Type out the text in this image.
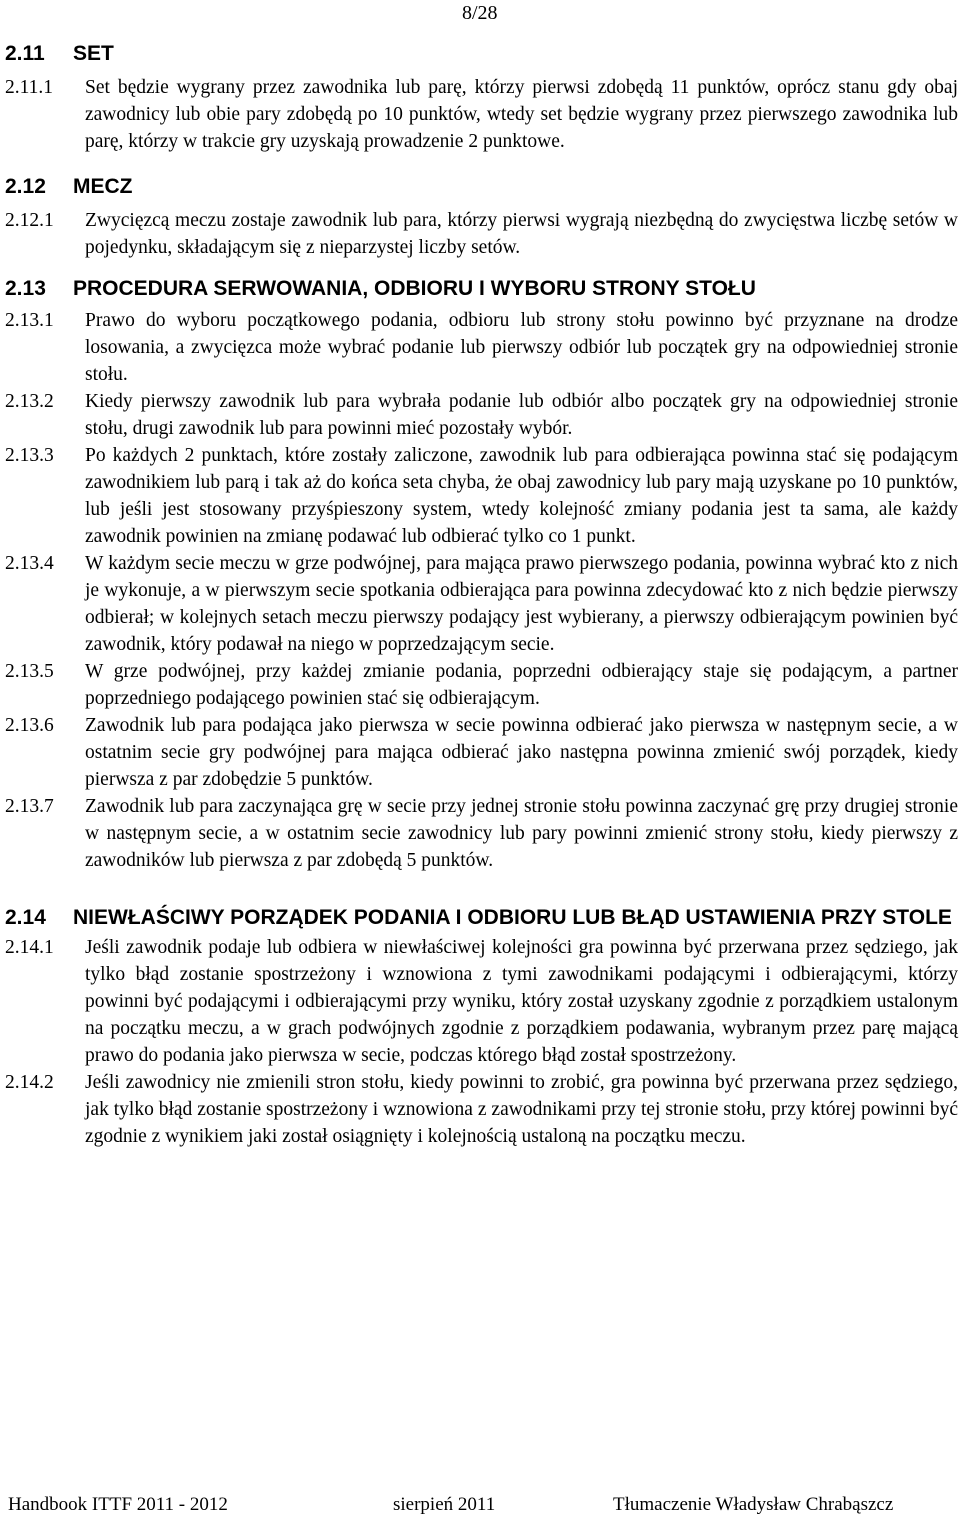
8/28
2.11	SET
2.11.1	Set będzie wygrany przez zawodnika lub parę, którzy pierwsi zdobędą 11 punktów, oprócz stanu gdy obaj zawodnicy lub obie pary zdobędą po 10 punktów, wtedy set będzie wygrany przez pierwszego zawodnika lub parę, którzy w trakcie gry uzyskają prowadzenie 2 punktowe.
2.12	MECZ
2.12.1	Zwycięzcą meczu zostaje zawodnik lub para, którzy pierwsi wygrają niezbędną do zwycięstwa liczbę setów w pojedynku, składającym się z nieparzystej liczby setów.
2.13	PROCEDURA SERWOWANIA, ODBIORU I WYBORU STRONY STOŁU
2.13.1	Prawo do wyboru początkowego podania, odbioru lub strony stołu powinno być przyznane na drodze losowania, a zwycięzca może wybrać podanie lub pierwszy odbiór lub początek gry na odpowiedniej stronie stołu.
2.13.2	Kiedy pierwszy zawodnik lub para wybrała podanie lub odbiór albo początek gry na odpowiedniej stronie stołu, drugi zawodnik lub para powinni mieć pozostały wybór.
2.13.3	Po każdych 2 punktach, które zostały zaliczone, zawodnik lub para odbierająca powinna stać się podającym zawodnikiem lub parą i tak aż do końca seta chyba, że obaj zawodnicy lub pary mają uzyskane po 10 punktów, lub jeśli jest stosowany przyśpieszony system, wtedy kolejność zmiany podania jest ta sama, ale każdy zawodnik powinien na zmianę podawać lub odbierać tylko co 1 punkt.
2.13.4	W każdym secie meczu w grze podwójnej, para mająca prawo pierwszego podania, powinna wybrać kto z nich je wykonuje, a w pierwszym secie spotkania odbierająca para powinna zdecydować kto z nich będzie pierwszy odbierał; w kolejnych setach meczu pierwszy podający jest wybierany, a pierwszy odbierającym powinien być zawodnik, który podawał na niego w poprzedzającym secie.
2.13.5	W grze podwójnej, przy każdej zmianie podania, poprzedni odbierający staje się podającym, a partner poprzedniego podającego powinien stać się odbierającym.
2.13.6	Zawodnik lub para podająca jako pierwsza w secie powinna odbierać jako pierwsza w następnym secie, a w ostatnim secie gry podwójnej para mająca odbierać jako następna powinna zmienić swój porządek, kiedy pierwsza z par zdobędzie 5 punktów.
2.13.7	Zawodnik lub para zaczynająca grę w secie przy jednej stronie stołu powinna zaczynać grę przy drugiej stronie w następnym secie, a w ostatnim secie zawodnicy lub pary powinni zmienić strony stołu, kiedy pierwszy z zawodników lub pierwsza z par zdobędą 5 punktów.
2.14	NIEWŁAŚCIWY PORZĄDEK PODANIA I ODBIORU LUB BŁĄD USTAWIENIA PRZY STOLE
2.14.1	Jeśli zawodnik podaje lub odbiera w niewłaściwej kolejności gra powinna być przerwana przez sędziego, jak tylko błąd zostanie spostrzeżony i wznowiona z tymi zawodnikami podającymi i odbierającymi, którzy powinni być podającymi i odbierającymi przy wyniku, który został uzyskany zgodnie z porządkiem ustalonym na początku meczu, a w grach podwójnych zgodnie z porządkiem podawania, wybranym przez parę mającą prawo do podania jako pierwsza w secie, podczas którego błąd został spostrzeżony.
2.14.2	Jeśli zawodnicy nie zmienili stron stołu, kiedy powinni to zrobić, gra powinna być przerwana przez sędziego, jak tylko błąd zostanie spostrzeżony i wznowiona z zawodnikami przy tej stronie stołu, przy której powinni być zgodnie z wynikiem jaki został osiągnięty i kolejnością ustaloną na początku meczu.
Handbook ITTF 2011 - 2012	sierpień 2011	Tłumaczenie Władysław Chrabąszcz
